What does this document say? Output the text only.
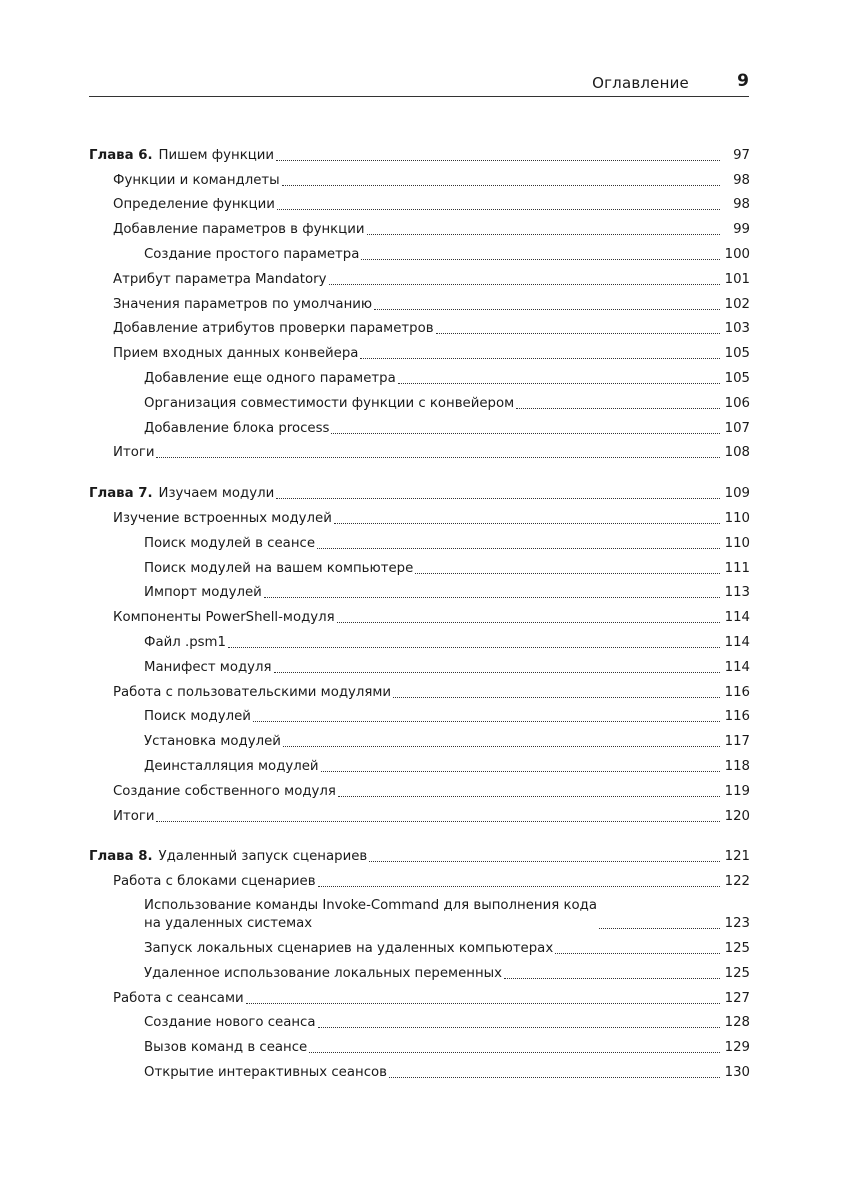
Оглавление	9
Глава 6. Пишем функции	97
Функции и командлеты	98
Определение функции	98
Добавление параметров в функции	99
Создание простого параметра	100
Атрибут параметра Mandatory	101
Значения параметров по умолчанию	102
Добавление атрибутов проверки параметров	103
Прием входных данных конвейера	105
Добавление еще одного параметра	105
Организация совместимости функции с конвейером	106
Добавление блока process	107
Итоги	108
Глава 7. Изучаем модули	109
Изучение встроенных модулей	110
Поиск модулей в сеансе	110
Поиск модулей на вашем компьютере	111
Импорт модулей	113
Компоненты PowerShell-модуля	114
Файл .psm1	114
Манифест модуля	114
Работа с пользовательскими модулями	116
Поиск модулей	116
Установка модулей	117
Деинсталляция модулей	118
Создание собственного модуля	119
Итоги	120
Глава 8. Удаленный запуск сценариев	121
Работа с блоками сценариев	122
Использование команды Invoke-Command для выполнения кода
на удаленных системах	123
Запуск локальных сценариев на удаленных компьютерах	125
Удаленное использование локальных переменных	125
Работа с сеансами	127
Создание нового сеанса	128
Вызов команд в сеансе	129
Открытие интерактивных сеансов	130
